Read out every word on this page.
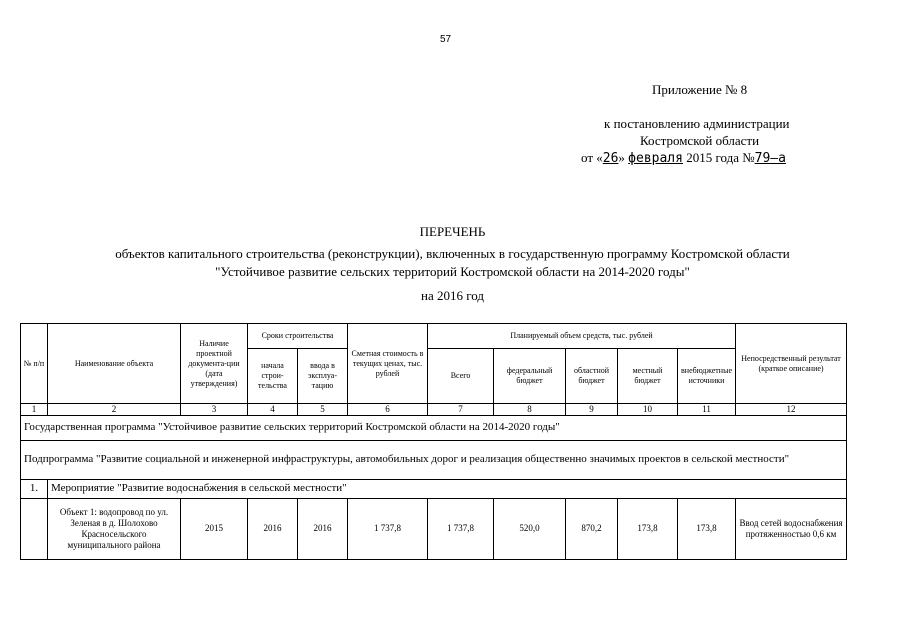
57
Приложение № 8
к постановлению администрации
Костромской области
от «26» февраля 2015 года №79–а
ПЕРЕЧЕНЬ
объектов капитального строительства (реконструкции), включенных в государственную программу Костромской области
"Устойчивое развитие сельских территорий Костромской области на 2014-2020 годы"
на 2016 год
№ п/п	Наименование объекта	Наличие проектной документа-ции (дата утверждения)	Сроки строительства		Сметная стоимость в текущих ценах, тыс. рублей	Планируемый объем средств, тыс. рублей					Непосредственный результат (краткое описание)
			начала строи-тельства	ввода в эксплуа-тацию		Всего	федеральный бюджет	областной бюджет	местный бюджет	внебюджетные источники	
1	2	3	4	5	6	7	8	9	10	11	12
Государственная программа "Устойчивое развитие сельских территорий Костромской области на 2014-2020 годы"											
Подпрограмма "Развитие социальной и инженерной инфраструктуры, автомобильных дорог и реализация общественно значимых проектов в сельской местности"											
1.	Мероприятие "Развитие водоснабжения в сельской местности"										
	Объект 1: водопровод по ул. Зеленая в д. Шолохово Красносельского муниципального района	2015	2016	2016	1 737,8	1 737,8	520,0	870,2	173,8	173,8	Ввод сетей водоснабжения протяженностью 0,6 км
